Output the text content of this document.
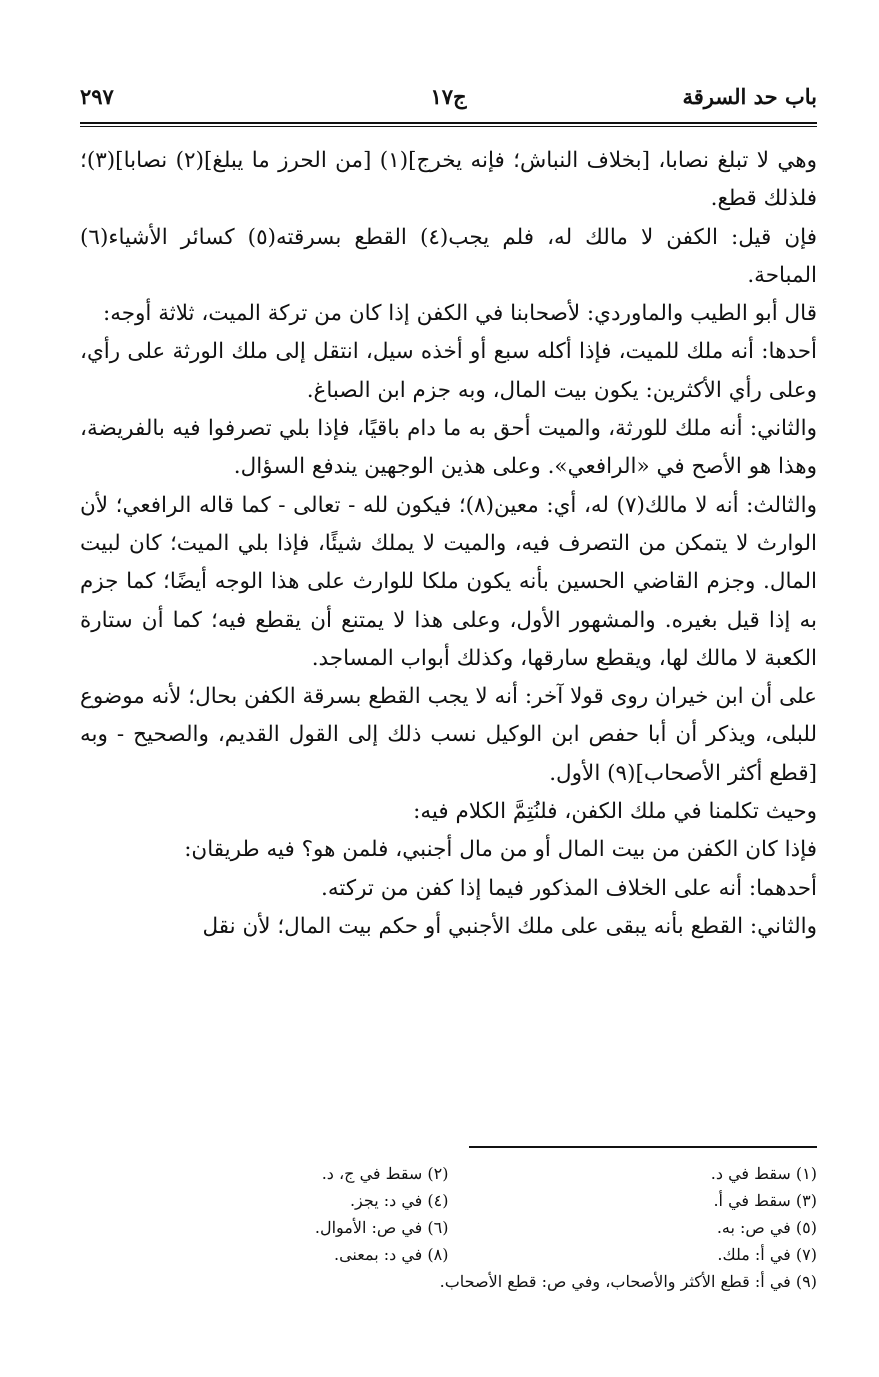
باب حد السرقة
ج١٧
٢٩٧

وهي لا تبلغ نصابا، [بخلاف النباش؛ فإنه يخرج](١) [من الحرز ما يبلغ](٢) نصابا](٣)؛ فلذلك قطع.

فإن قيل: الكفن لا مالك له، فلم يجب(٤) القطع بسرقته(٥) كسائر الأشياء(٦) المباحة.

قال أبو الطيب والماوردي: لأصحابنا في الكفن إذا كان من تركة الميت، ثلاثة أوجه:

أحدها: أنه ملك للميت، فإذا أكله سبع أو أخذه سيل، انتقل إلى ملك الورثة على رأي، وعلى رأي الأكثرين: يكون بيت المال، وبه جزم ابن الصباغ.

والثاني: أنه ملك للورثة، والميت أحق به ما دام باقيًا، فإذا بلي تصرفوا فيه بالفريضة، وهذا هو الأصح في «الرافعي». وعلى هذين الوجهين يندفع السؤال.

والثالث: أنه لا مالك(٧) له، أي: معين(٨)؛ فيكون لله - تعالى - كما قاله الرافعي؛ لأن الوارث لا يتمكن من التصرف فيه، والميت لا يملك شيئًا، فإذا بلي الميت؛ كان لبيت المال. وجزم القاضي الحسين بأنه يكون ملكا للوارث على هذا الوجه أيضًا؛ كما جزم به إذا قيل بغيره. والمشهور الأول، وعلى هذا لا يمتنع أن يقطع فيه؛ كما أن ستارة الكعبة لا مالك لها، ويقطع سارقها، وكذلك أبواب المساجد.

على أن ابن خيران روى قولا آخر: أنه لا يجب القطع بسرقة الكفن بحال؛ لأنه موضوع للبلى، ويذكر أن أبا حفص ابن الوكيل نسب ذلك إلى القول القديم، والصحيح - وبه [قطع أكثر الأصحاب](٩) الأول.

وحيث تكلمنا في ملك الكفن، فلنُتِمَّ الكلام فيه:

فإذا كان الكفن من بيت المال أو من مال أجنبي، فلمن هو؟ فيه طريقان:

أحدهما: أنه على الخلاف المذكور فيما إذا كفن من تركته.

والثاني: القطع بأنه يبقى على ملك الأجنبي أو حكم بيت المال؛ لأن نقل

(١) سقط في د.
(٢) سقط في ج، د.
(٣) سقط في أ.
(٤) في د: يجز.
(٥) في ص: به.
(٦) في ص: الأموال.
(٧) في أ: ملك.
(٨) في د: بمعنى.
(٩) في أ: قطع الأكثر والأصحاب، وفي ص: قطع الأصحاب.
